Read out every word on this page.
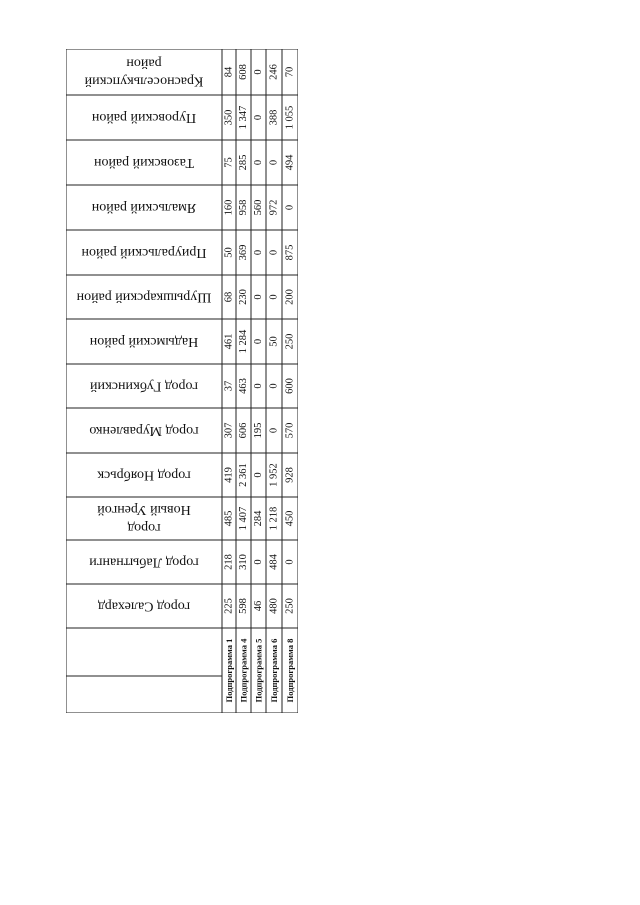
Красноселькупский
район
84 608 0 246 70
Пуровский район	350 1 347 0 388 1 055
Тазовский район	75 285 0 0 494
Ямальский район	160 958 560 972 0
Приуральский район 50 369 0 0 875
Шурышкарский район 68 230 0 0 200
Надымский район 461 1 284 0 50 250
город Губкинский 37 463 0 0 600
город Муравленко 307 606 195 0 570
город Ноябрьск	419 2 361 0 1 952 928
город
Новый Уренгой
485 1 407 284 1 218 450
город Лабытнанги 218 310 0 484 0
город Салехард	225 598 46 480 250
Подпрограмма 1 Подпрограмма 4 Подпрограмма 5 Подпрограмма 6 Подпрограмма 8
